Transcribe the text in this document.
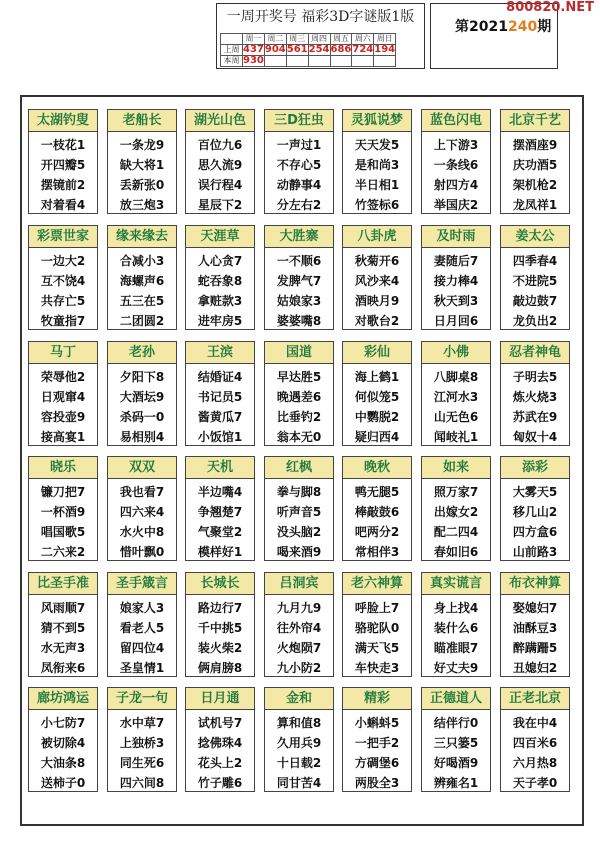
一周开奖号 福彩3D字谜版1版
	周一	周二	周三	周四	周五	周六	周日
上周	437	904	561	254	686	724	194
本周	930						
第2021240期
800820.NET
太湖钓叟
一枝花1
开四瓣5
摆镜前2
对着看4
老船长
一条龙9
缺大将1
丢新张0
放三炮3
湖光山色
百位九6
思久流9
误行程4
星辰下2
三D狂虫
一声过1
不存心5
动静事4
分左右2
灵狐说梦
天天发5
是和尚3
半日相1
竹签标6
蓝色闪电
上下游3
一条线6
射四方4
举国庆2
北京千艺
摆酒座9
庆功酒5
架机枪2
龙凤祥1
彩票世家
一边大2
互不饶4
共存亡5
牧童指7
缘来缘去
合减小3
海螺声6
五三在5
二团圆2
天涯草
人心贪7
蛇吞象8
拿赃款3
进牢房5
大胜寨
一不顺6
发脾气7
姑娘家3
婆婆嘴8
八卦虎
秋菊开6
风沙来4
酒映月9
对歌台2
及时雨
妻随后7
接力棒4
秋天到3
日月回6
姜太公
四季春4
不进院5
敲边鼓7
龙负出2
马丁
荣辱他2
日观窜4
容投壶9
接高宴1
老孙
夕阳下8
大酒坛9
杀码一0
易相别4
王滨
结婚证4
书记员5
酱黄瓜7
小饭馆1
国道
早达胜5
晚遇差6
比垂钓2
翁本无0
彩仙
海上鹤1
何似笼5
中鹦脱2
疑归西4
小佛
八脚桌8
江河水3
山无色6
闻岐礼1
忍者神龟
子明去5
炼火烧3
苏武在9
匈奴十4
晓乐
镰刀把7
一杯酒9
唱国歌5
二六来2
双双
我也看7
四六来4
水火中8
惜叶飘0
天机
半边嘴4
争翘楚7
气聚堂2
模样好1
红枫
拳与脚8
听声音5
没头脑2
喝来酒9
晚秋
鸭无腿5
棒敲鼓6
吧两分2
常相伴3
如来
照万家7
出嫁女2
配二四4
春如旧6
添彩
大雾天5
移几山2
四方盒6
山前路3
比圣手准
风雨顺7
猜不到5
水无声3
凤衔来6
圣手箴言
娘家人3
看老人5
留四位4
圣皇情1
长城长
路边行7
千中挑5
装火柴2
俩肩膀8
吕洞宾
九月九9
往外帘4
火炮陨7
九小防2
老六神算
呼脸上7
骆驼队0
满天飞5
车快走3
真实谎言
身上找4
装什么6
瞄准眼7
好丈夫9
布衣神算
娶媳妇7
油酥豆3
醉蹒跚5
丑媳妇2
廊坊鸿运
小七防7
被切除4
大油条8
送柿子0
子龙一句
水中草7
上独桥3
同生死6
四六间8
日月通
试机号7
捻佛珠4
花头上2
竹子雕6
金和
算和值8
久用兵9
十日载2
同甘苦4
精彩
小蝌蚪5
一把手2
方碉堡6
两股全3
正德道人
结伴行0
三只篓5
好喝酒9
辨雍名1
正老北京
我在中4
四百米6
六月热8
天子孝0
